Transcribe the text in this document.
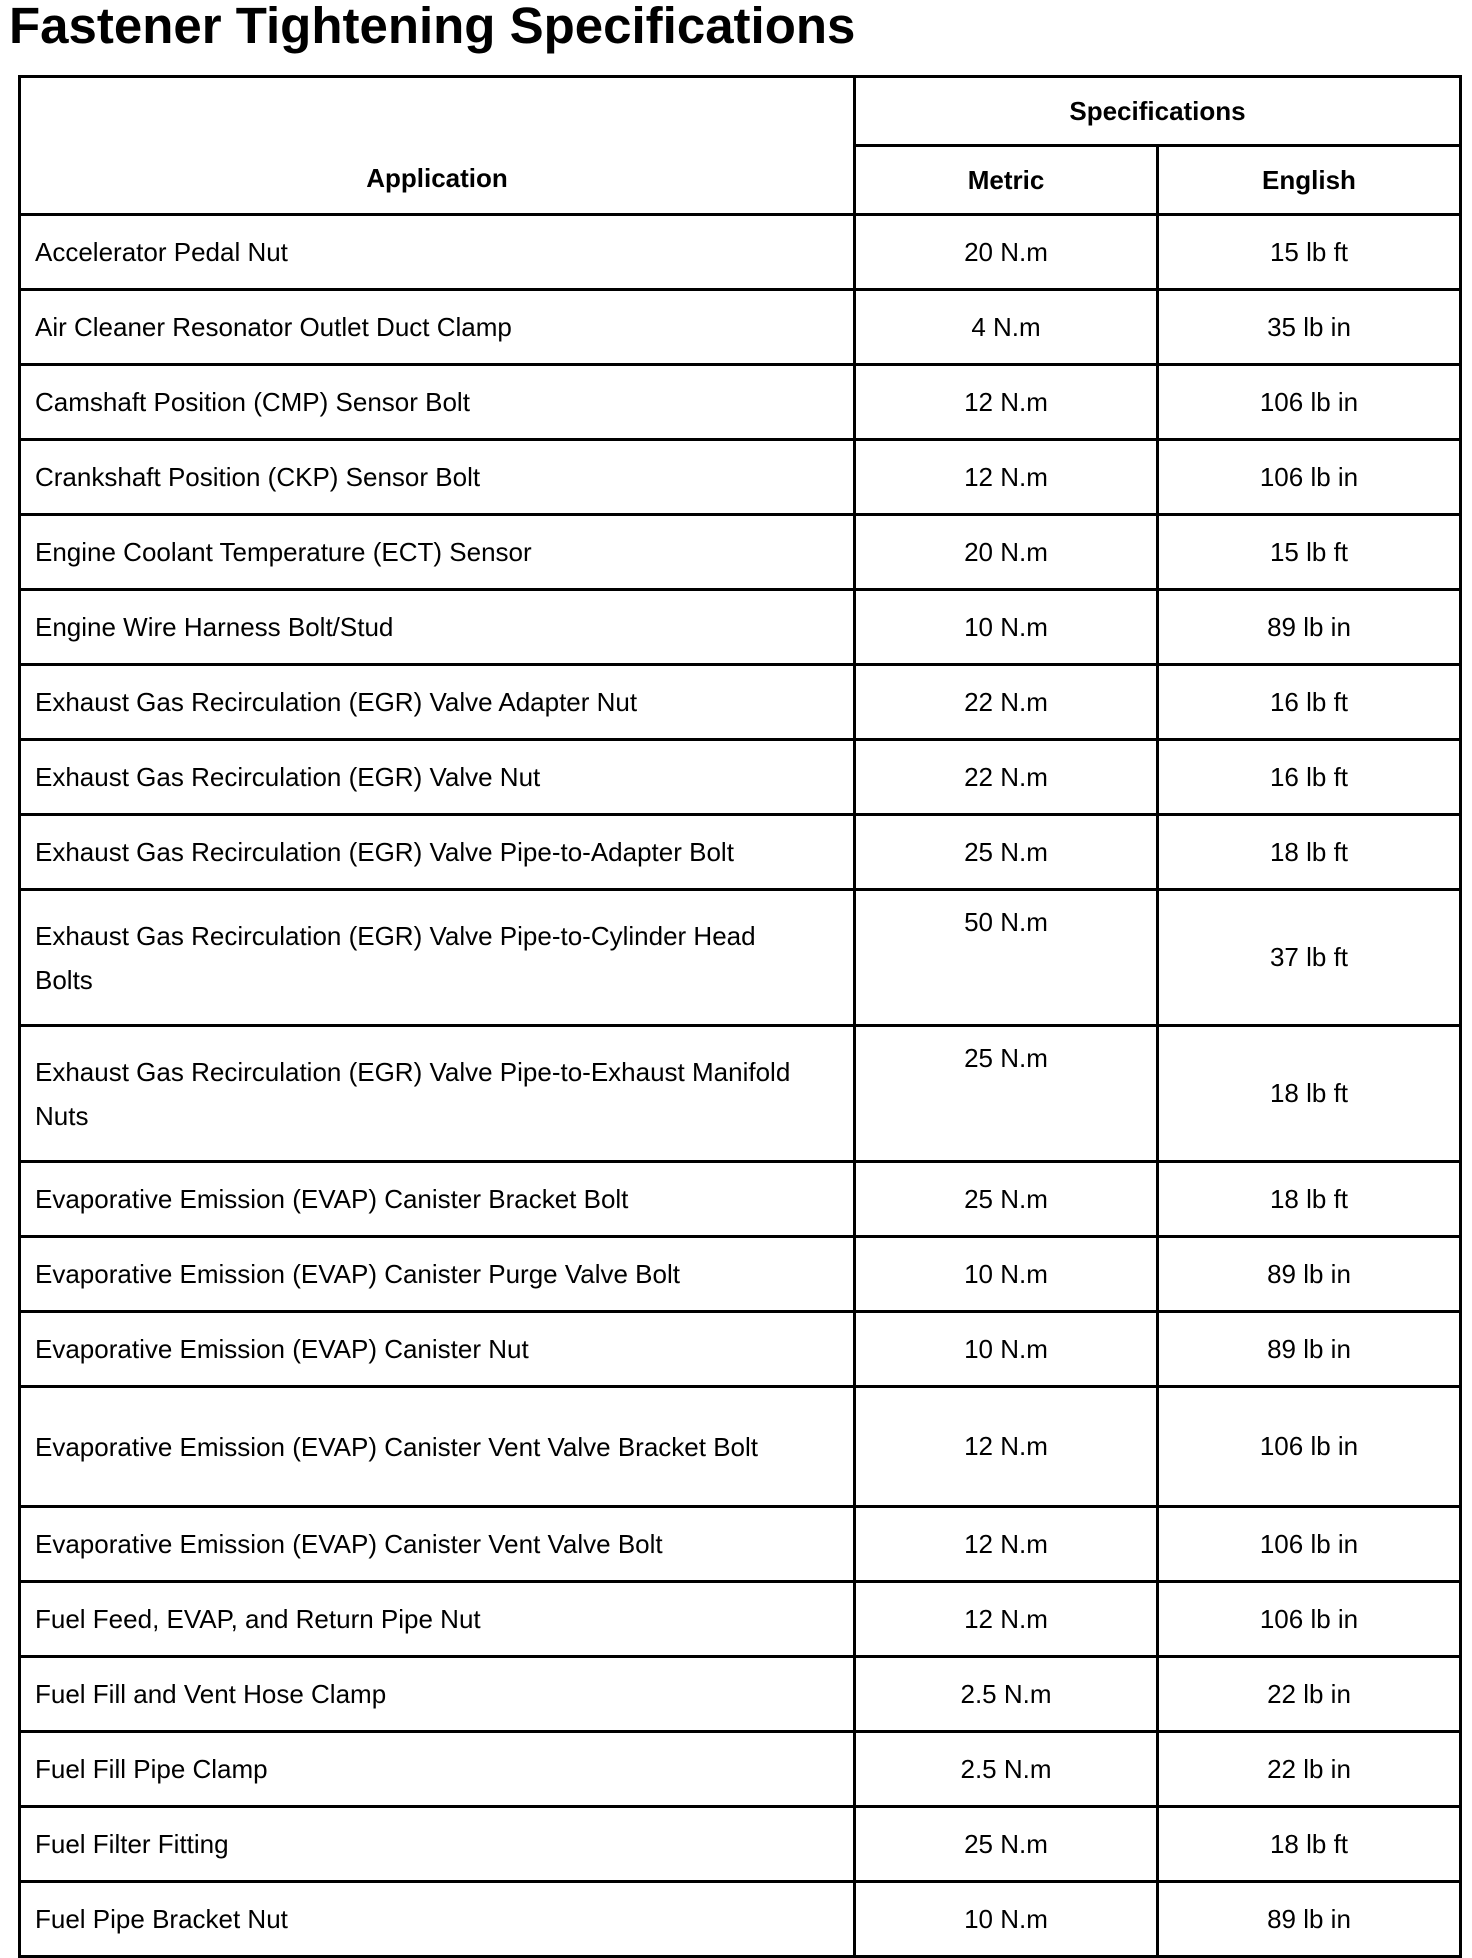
Fastener Tightening Specifications
Application	Specifications	
	Metric	English
Accelerator Pedal Nut	20 N.m	15 lb ft
Air Cleaner Resonator Outlet Duct Clamp	4 N.m	35 lb in
Camshaft Position (CMP) Sensor Bolt	12 N.m	106 lb in
Crankshaft Position (CKP) Sensor Bolt	12 N.m	106 lb in
Engine Coolant Temperature (ECT) Sensor	20 N.m	15 lb ft
Engine Wire Harness Bolt/Stud	10 N.m	89 lb in
Exhaust Gas Recirculation (EGR) Valve Adapter Nut	22 N.m	16 lb ft
Exhaust Gas Recirculation (EGR) Valve Nut	22 N.m	16 lb ft
Exhaust Gas Recirculation (EGR) Valve Pipe-to-Adapter Bolt	25 N.m	18 lb ft
Exhaust Gas Recirculation (EGR) Valve Pipe-to-Cylinder Head Bolts	50 N.m	37 lb ft
Exhaust Gas Recirculation (EGR) Valve Pipe-to-Exhaust Manifold Nuts	25 N.m	18 lb ft
Evaporative Emission (EVAP) Canister Bracket Bolt	25 N.m	18 lb ft
Evaporative Emission (EVAP) Canister Purge Valve Bolt	10 N.m	89 lb in
Evaporative Emission (EVAP) Canister Nut	10 N.m	89 lb in
Evaporative Emission (EVAP) Canister Vent Valve Bracket Bolt	12 N.m	106 lb in
Evaporative Emission (EVAP) Canister Vent Valve Bolt	12 N.m	106 lb in
Fuel Feed, EVAP, and Return Pipe Nut	12 N.m	106 lb in
Fuel Fill and Vent Hose Clamp	2.5 N.m	22 lb in
Fuel Fill Pipe Clamp	2.5 N.m	22 lb in
Fuel Filter Fitting	25 N.m	18 lb ft
Fuel Pipe Bracket Nut	10 N.m	89 lb in
